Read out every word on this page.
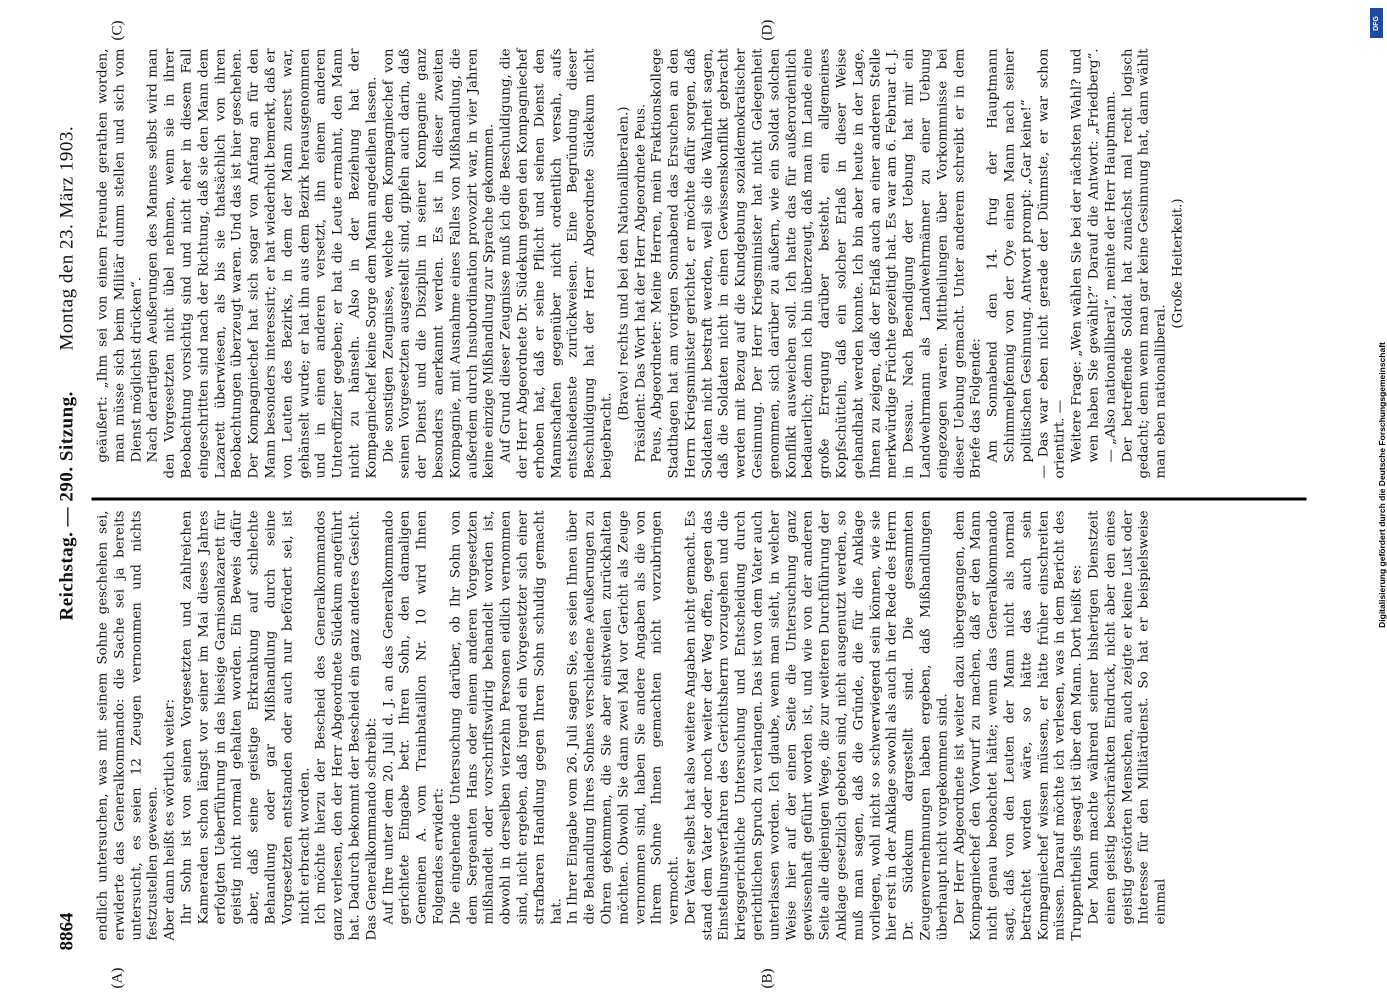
8864
Reichstag. — 290. Sitzung.
Montag den 23. März 1903.
(A)	(B)
(C)	(D)

endlich untersuchen, was mit seinem Sohne geschehen sei, erwiderte das Generalkommando: die Sache sei ja bereits untersucht, es seien 12 Zeugen vernommen und nichts festzustellen gewesen. Aber dann heißt es wörtlich weiter: Ihr Sohn ist von seinen Vorgesetzten und zahlreichen Kameraden schon längst vor seiner im Mai dieses Jahres erfolgten Ueberführung in das hiesige Garnisonlazarett für geistig nicht normal gehalten worden. Ein Beweis dafür aber, daß seine geistige Erkrankung auf schlechte Behandlung oder gar Mißhandlung durch seine Vorgesetzten entstanden oder auch nur befördert sei, ist nicht erbracht worden. Ich möchte hierzu der Bescheid des Generalkommandos ganz verlesen, den der Herr Abgeordnete Südekum angeführt hat. Dadurch bekommt der Bescheid ein ganz anderes Gesicht. Das Generalkommando schreibt: Auf Ihre unter dem 20. Juli d. J. an das Generalkommando gerichtete Eingabe betr. Ihren Sohn, den damaligen Gemeinen A. vom Trainbataillon Nr. 10 wird Ihnen Folgendes erwidert: Die eingehende Untersuchung darüber, ob Ihr Sohn von dem Sergeanten Hans oder einem anderen Vorgesetzten mißhandelt oder vorschriftswidrig behandelt worden ist, obwohl in derselben vierzehn Personen eidlich vernommen sind, nicht ergeben, daß irgend ein Vorgesetzter sich einer strafbaren Handlung gegen Ihren Sohn schuldig gemacht hat. In Ihrer Eingabe vom 26. Juli sagen Sie, es seien Ihnen über die Behandlung Ihres Sohnes verschiedene Aeußerungen zu Ohren gekommen, die Sie aber einstweilen zurückhalten möchten. Obwohl Sie dann zwei Mal vor Gericht als Zeuge vernommen sind, haben Sie andere Angaben als die von Ihrem Sohne Ihnen gemachten nicht vorzubringen vermocht. Der Vater selbst hat also weitere Angaben nicht gemacht. Es stand dem Vater oder noch weiter der Weg offen, gegen das Einstellungsverfahren des Gerichtsherrn vorzugehen und die kriegsgerichtliche Untersuchung und Entscheidung durch gerichtlichen Spruch zu verlangen. Das ist von dem Vater auch unterlassen worden. Ich glaube, wenn man sieht, in welcher Weise hier auf der einen Seite die Untersuchung ganz gewissenhaft geführt worden ist, und wie von der anderen Seite alle diejenigen Wege, die zur weiteren Durchführung der Anklage gesetzlich geboten sind, nicht ausgenutzt werden, so muß man sagen, daß die Gründe, die für die Anklage vorliegen, wohl nicht so schwerwiegend sein können, wie sie hier erst in der Anklage sowohl als auch in der Rede des Herrn Dr. Südekum dargestellt sind. Die gesammten Zeugenvernehmungen haben ergeben, daß Mißhandlungen überhaupt nicht vorgekommen sind. Der Herr Abgeordnete ist weiter dazu übergegangen, dem Kompagniechef den Vorwurf zu machen, daß er den Mann nicht genau beobachtet hätte; wenn das Generalkommando sagt, daß von den Leuten der Mann nicht als normal betrachtet worden wäre, so hätte das auch sein Kompagniechef wissen müssen, er hätte früher einschreiten müssen. Darauf möchte ich verlesen, was in dem Bericht des Truppentheils gesagt ist über den Mann. Dort heißt es: Der Mann machte während seiner bisherigen Dienstzeit einen geistig beschränkten Eindruck, nicht aber den eines geistig gestörten Menschen, auch zeigte er keine Lust oder Interesse für den Militärdienst. So hat er beispielsweise einmal

geäußert: „Ihm sei von einem Freunde gerathen worden, man müsse sich beim Militär dumm stellen und sich vom Dienst möglichst drücken“. Nach derartigen Aeußerungen des Mannes selbst wird man den Vorgesetzten nicht übel nehmen, wenn sie in ihrer Beobachtung vorsichtig sind und nicht eher in diesem Fall eingeschritten sind nach der Richtung, daß sie den Mann dem Lazarett überwiesen, als bis sie thatsächlich von ihren Beobachtungen überzeugt waren. Und das ist hier geschehen. Der Kompagniechef hat sich sogar von Anfang an für den Mann besonders interessirt; er hat wiederholt bemerkt, daß er von Leuten des Bezirks, in dem der Mann zuerst war, gehänselt wurde; er hat ihn aus dem Bezirk herausgenommen und in einen anderen versetzt, ihn einem anderen Unteroffizier gegeben; er hat die Leute ermahnt, den Mann nicht zu hänseln. Also in der Beziehung hat der Kompagniechef keine Sorge dem Mann angedeihen lassen. Die sonstigen Zeugnisse, welche dem Kompagniechef von seinen Vorgesetzten ausgestellt sind, gipfeln auch darin, daß der Dienst und die Disziplin in seiner Kompagnie ganz besonders anerkannt werden. Es ist in dieser zweiten Kompagnie, mit Ausnahme eines Falles von Mißhandlung, die außerdem durch Insubordination provozirt war, in vier Jahren keine einzige Mißhandlung zur Sprache gekommen. Auf Grund dieser Zeugnisse muß ich die Beschuldigung, die der Herr Abgeordnete Dr. Südekum gegen den Kompagniechef erhoben hat, daß er seine Pflicht und seinen Dienst den Mannschaften gegenüber nicht ordentlich versah, aufs entschiedenste zurückweisen. Eine Begründung dieser Beschuldigung hat der Herr Abgeordnete Südekum nicht beigebracht.

(Bravo! rechts und bei den Nationalliberalen.) Präsident: Das Wort hat der Herr Abgeordnete Peus. Peus, Abgeordneter: Meine Herren, mein Fraktionskollege Stadthagen hat am vorigen Sonnabend das Ersuchen an den Herrn Kriegsminister gerichtet, er möchte dafür sorgen, daß Soldaten nicht bestraft werden, weil sie die Wahrheit sagen, daß die Soldaten nicht in einen Gewissenskonflikt gebracht werden mit Bezug auf die Kundgebung sozialdemokratischer Gesinnung. Der Herr Kriegsminister hat nicht Gelegenheit genommen, sich darüber zu äußern, wie ein Soldat solchen Konflikt ausweichen soll. Ich hatte das für außerordentlich bedauerlich; denn ich bin überzeugt, daß man im Lande eine große Erregung darüber besteht, ein allgemeines Kopfschütteln, daß ein solcher Erlaß in dieser Weise gehandhabt werden konnte. Ich bin aber heute in der Lage, Ihnen zu zeigen, daß der Erlaß auch an einer anderen Stelle merkwürdige Früchte gezeitigt hat. Es war am 6. Februar d. J. in Dessau. Nach Beendigung der Uebung hat mir ein Landwehrmann als Landwehrmänner zu einer Uebung eingezogen waren. Mittheilungen über Vorkommnisse bei dieser Uebung gemacht. Unter anderem schreibt er in dem Briefe das Folgende: Am Sonnabend den 14. frug der Hauptmann Schimmelpfennig von der Oye einen Mann nach seiner politischen Gesinnung. Antwort prompt: „Gar keine!“ — Das war eben nicht gerade der Dümmste, er war schon orientirt. — Weitere Frage: „Wen wählen Sie bei der nächsten Wahl? und wen haben Sie gewählt?“ Darauf die Antwort: „Friedberg“. — „Also nationalliberal“, meinte der Herr Hauptmann. Der betreffende Soldat hat zunächst mal recht logisch gedacht; denn wenn man gar keine Gesinnung hat, dann wählt man eben nationalliberal.

(Große Heiterkeit.)

DFG
Digitalisierung gefördert durch die Deutsche Forschungsgemeinschaft
